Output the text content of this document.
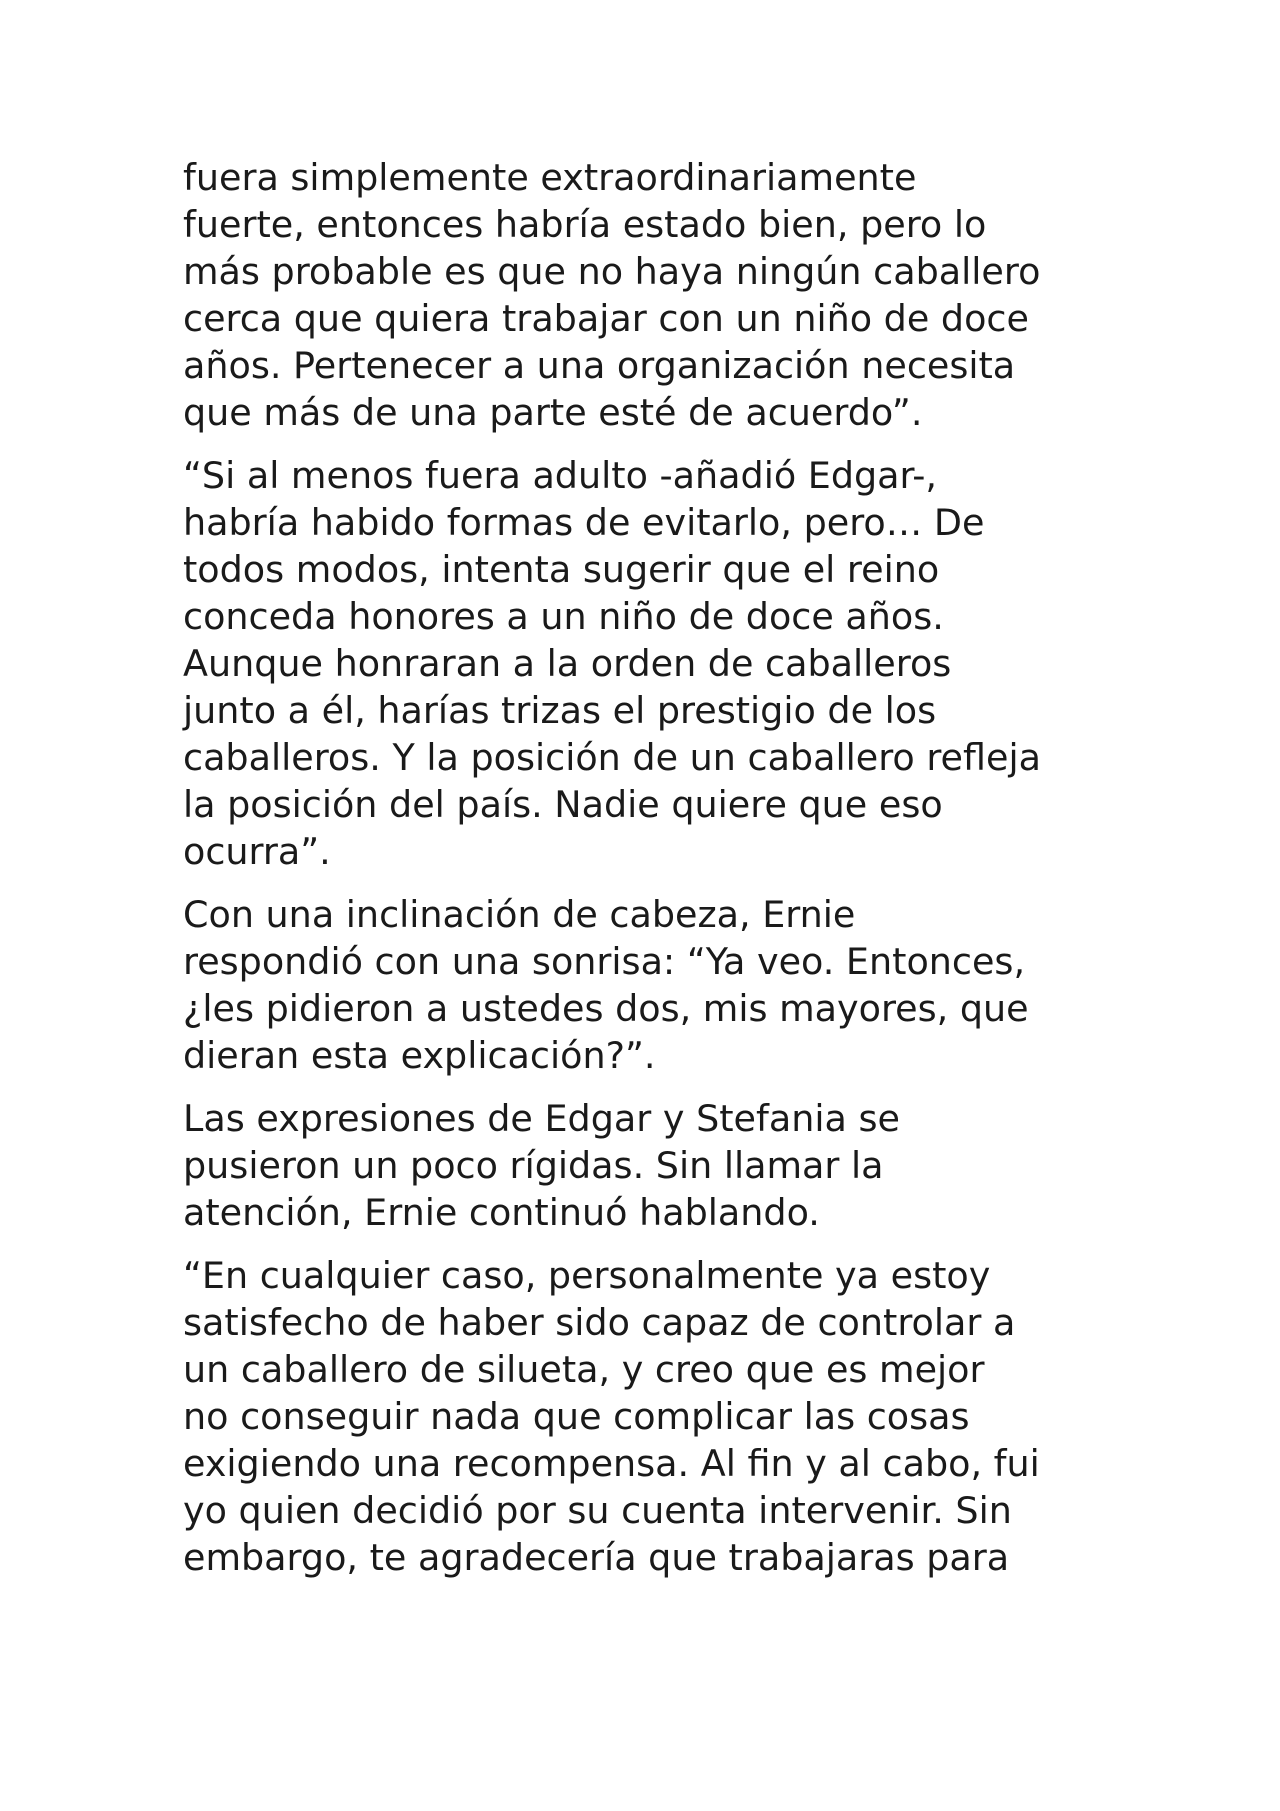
fuera simplemente extraordinariamente
fuerte, entonces habría estado bien, pero lo
más probable es que no haya ningún caballero
cerca que quiera trabajar con un niño de doce
años. Pertenecer a una organización necesita
que más de una parte esté de acuerdo”.

“Si al menos fuera adulto -añadió Edgar-,
habría habido formas de evitarlo, pero… De
todos modos, intenta sugerir que el reino
conceda honores a un niño de doce años.
Aunque honraran a la orden de caballeros
junto a él, harías trizas el prestigio de los
caballeros. Y la posición de un caballero refleja
la posición del país. Nadie quiere que eso
ocurra”.

Con una inclinación de cabeza, Ernie
respondió con una sonrisa: “Ya veo. Entonces,
¿les pidieron a ustedes dos, mis mayores, que
dieran esta explicación?”.

Las expresiones de Edgar y Stefania se
pusieron un poco rígidas. Sin llamar la
atención, Ernie continuó hablando.

“En cualquier caso, personalmente ya estoy
satisfecho de haber sido capaz de controlar a
un caballero de silueta, y creo que es mejor
no conseguir nada que complicar las cosas
exigiendo una recompensa. Al fin y al cabo, fui
yo quien decidió por su cuenta intervenir. Sin
embargo, te agradecería que trabajaras para
